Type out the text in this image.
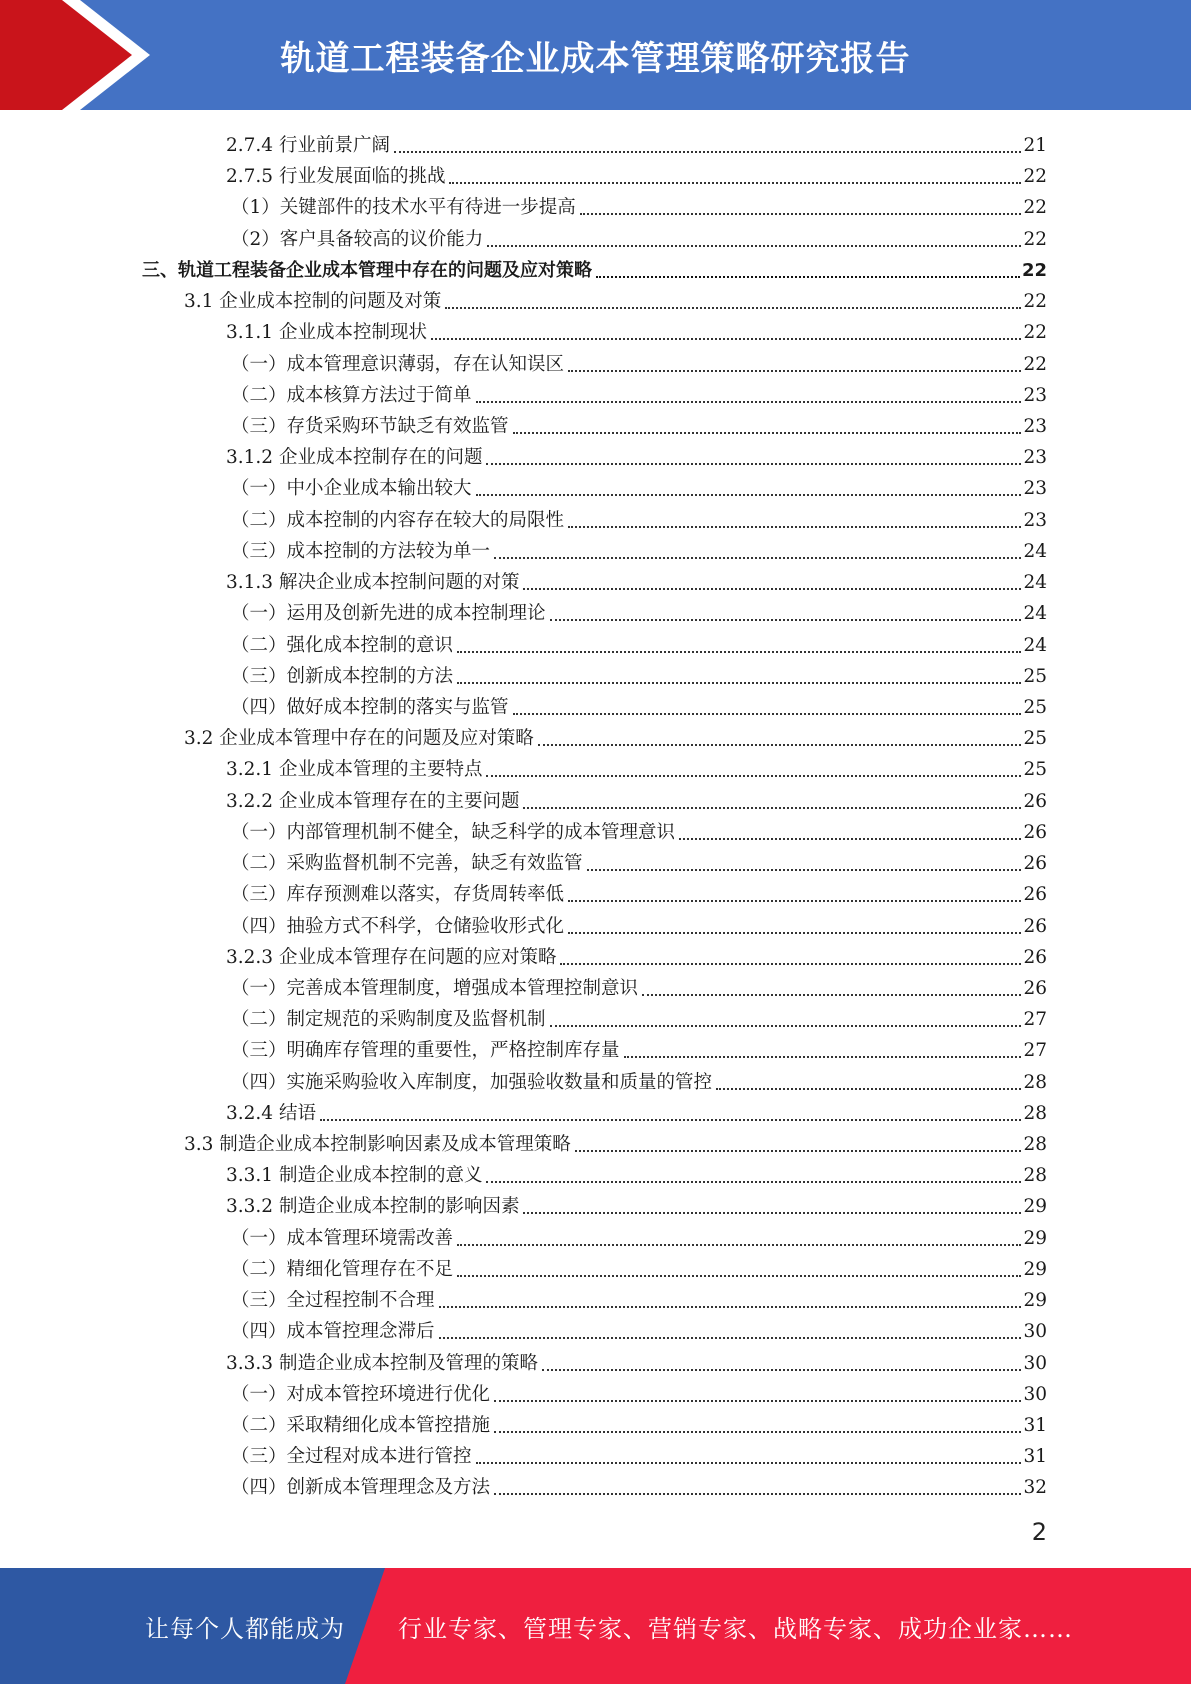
轨道工程装备企业成本管理策略研究报告
2.7.4 行业前景广阔	21
2.7.5 行业发展面临的挑战	22
（1）关键部件的技术水平有待进一步提高	22
（2）客户具备较高的议价能力	22
三、轨道工程装备企业成本管理中存在的问题及应对策略	22
3.1 企业成本控制的问题及对策	22
3.1.1 企业成本控制现状	22
（一）成本管理意识薄弱，存在认知误区	22
（二）成本核算方法过于简单	23
（三）存货采购环节缺乏有效监管	23
3.1.2 企业成本控制存在的问题	23
（一）中小企业成本输出较大	23
（二）成本控制的内容存在较大的局限性	23
（三）成本控制的方法较为单一	24
3.1.3 解决企业成本控制问题的对策	24
（一）运用及创新先进的成本控制理论	24
（二）强化成本控制的意识	24
（三）创新成本控制的方法	25
（四）做好成本控制的落实与监管	25
3.2 企业成本管理中存在的问题及应对策略	25
3.2.1 企业成本管理的主要特点	25
3.2.2 企业成本管理存在的主要问题	26
（一）内部管理机制不健全，缺乏科学的成本管理意识	26
（二）采购监督机制不完善，缺乏有效监管	26
（三）库存预测难以落实，存货周转率低	26
（四）抽验方式不科学，仓储验收形式化	26
3.2.3 企业成本管理存在问题的应对策略	26
（一）完善成本管理制度，增强成本管理控制意识	26
（二）制定规范的采购制度及监督机制	27
（三）明确库存管理的重要性，严格控制库存量	27
（四）实施采购验收入库制度，加强验收数量和质量的管控	28
3.2.4 结语	28
3.3 制造企业成本控制影响因素及成本管理策略	28
3.3.1 制造企业成本控制的意义	28
3.3.2 制造企业成本控制的影响因素	29
（一）成本管理环境需改善	29
（二）精细化管理存在不足	29
（三）全过程控制不合理	29
（四）成本管控理念滞后	30
3.3.3 制造企业成本控制及管理的策略	30
（一）对成本管控环境进行优化	30
（二）采取精细化成本管控措施	31
（三）全过程对成本进行管控	31
（四）创新成本管理理念及方法	32
2
让每个人都能成为 行业专家、管理专家、营销专家、战略专家、成功企业家……
